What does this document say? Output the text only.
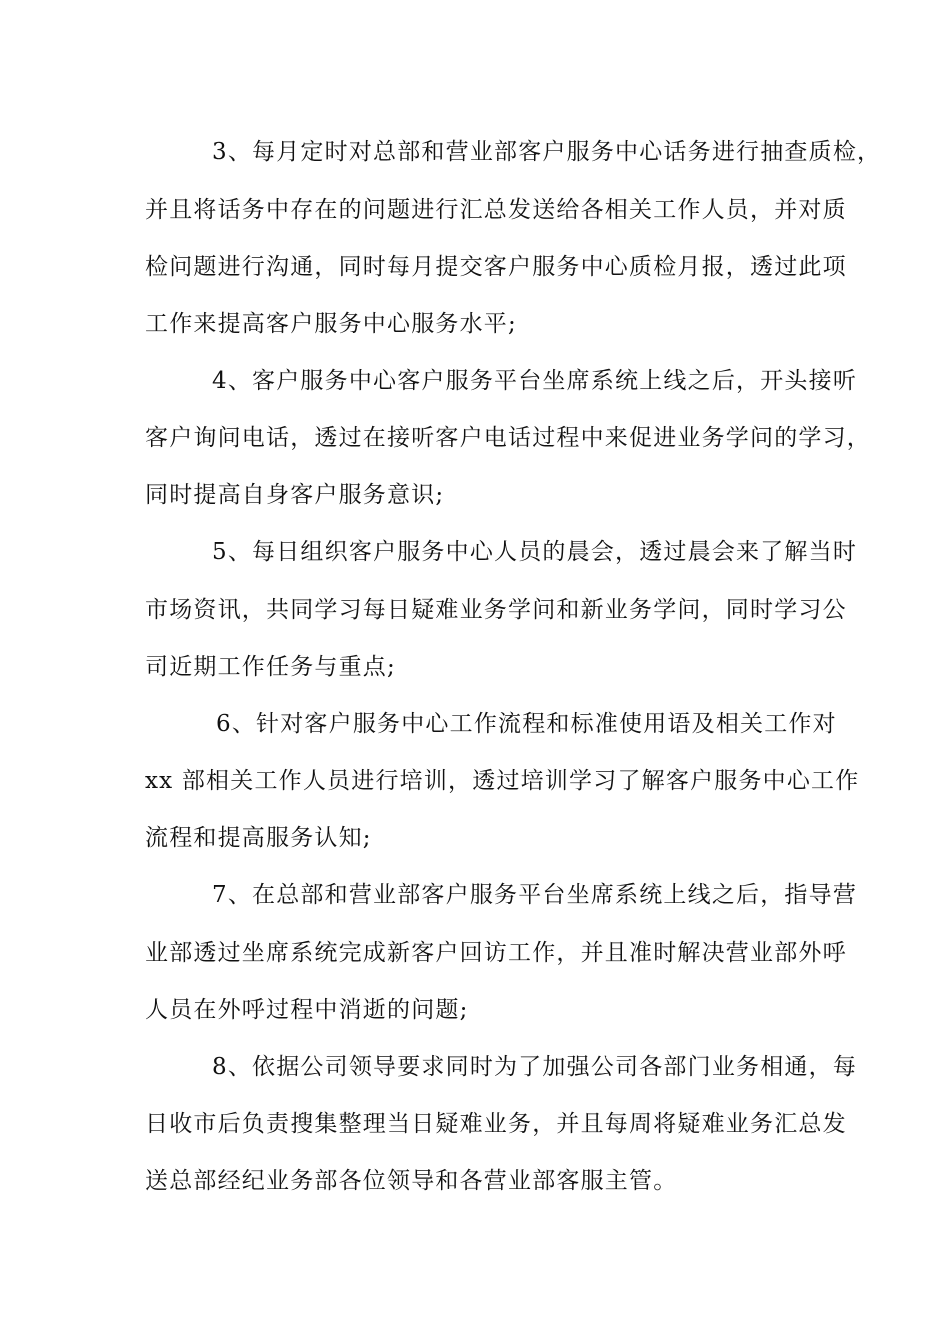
3、每月定时对总部和营业部客户服务中心话务进行抽查质检，
并且将话务中存在的问题进行汇总发送给各相关工作人员，并对质
检问题进行沟通，同时每月提交客户服务中心质检月报，透过此项
工作来提高客户服务中心服务水平;
4、客户服务中心客户服务平台坐席系统上线之后，开头接听
客户询问电话，透过在接听客户电话过程中来促进业务学问的学习，
同时提高自身客户服务意识;
5、每日组织客户服务中心人员的晨会，透过晨会来了解当时
市场资讯，共同学习每日疑难业务学问和新业务学问，同时学习公
司近期工作任务与重点;
6、针对客户服务中心工作流程和标准使用语及相关工作对
xx 部相关工作人员进行培训，透过培训学习了解客户服务中心工作
流程和提高服务认知;
7、在总部和营业部客户服务平台坐席系统上线之后，指导营
业部透过坐席系统完成新客户回访工作，并且准时解决营业部外呼
人员在外呼过程中消逝的问题;
8、依据公司领导要求同时为了加强公司各部门业务相通，每
日收市后负责搜集整理当日疑难业务，并且每周将疑难业务汇总发
送总部经纪业务部各位领导和各营业部客服主管。
